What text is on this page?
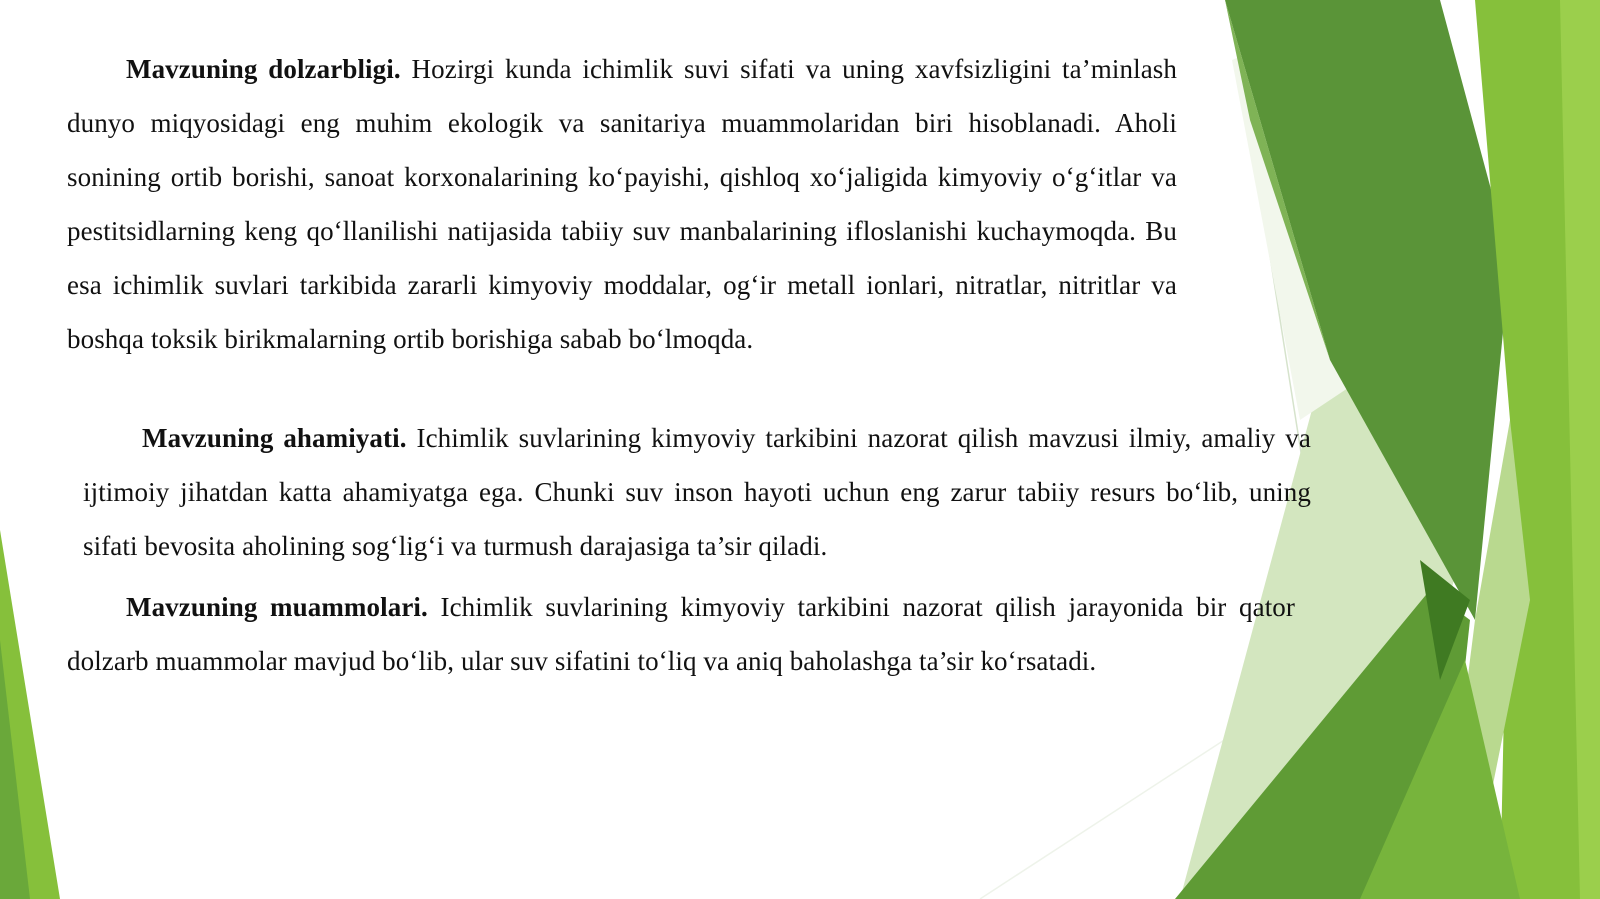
Mavzuning dolzarbligi. Hozirgi kunda ichimlik suvi sifati va uning xavfsizligini ta’minlash dunyo miqyosidagi eng muhim ekologik va sanitariya muammolaridan biri hisoblanadi. Aholi sonining ortib borishi, sanoat korxonalarining ko‘payishi, qishloq xo‘jaligida kimyoviy o‘g‘itlar va pestitsidlarning keng qo‘llanilishi natijasida tabiiy suv manbalarining ifloslanishi kuchaymoqda. Bu esa ichimlik suvlari tarkibida zararli kimyoviy moddalar, og‘ir metall ionlari, nitratlar, nitritlar va boshqa toksik birikmalarning ortib borishiga sabab bo‘lmoqda.

Mavzuning ahamiyati. Ichimlik suvlarining kimyoviy tarkibini nazorat qilish mavzusi ilmiy, amaliy va ijtimoiy jihatdan katta ahamiyatga ega. Chunki suv inson hayoti uchun eng zarur tabiiy resurs bo‘lib, uning sifati bevosita aholining sog‘lig‘i va turmush darajasiga ta’sir qiladi.

Mavzuning muammolari. Ichimlik suvlarining kimyoviy tarkibini nazorat qilish jarayonida bir qator dolzarb muammolar mavjud bo‘lib, ular suv sifatini to‘liq va aniq baholashga ta’sir ko‘rsatadi.
